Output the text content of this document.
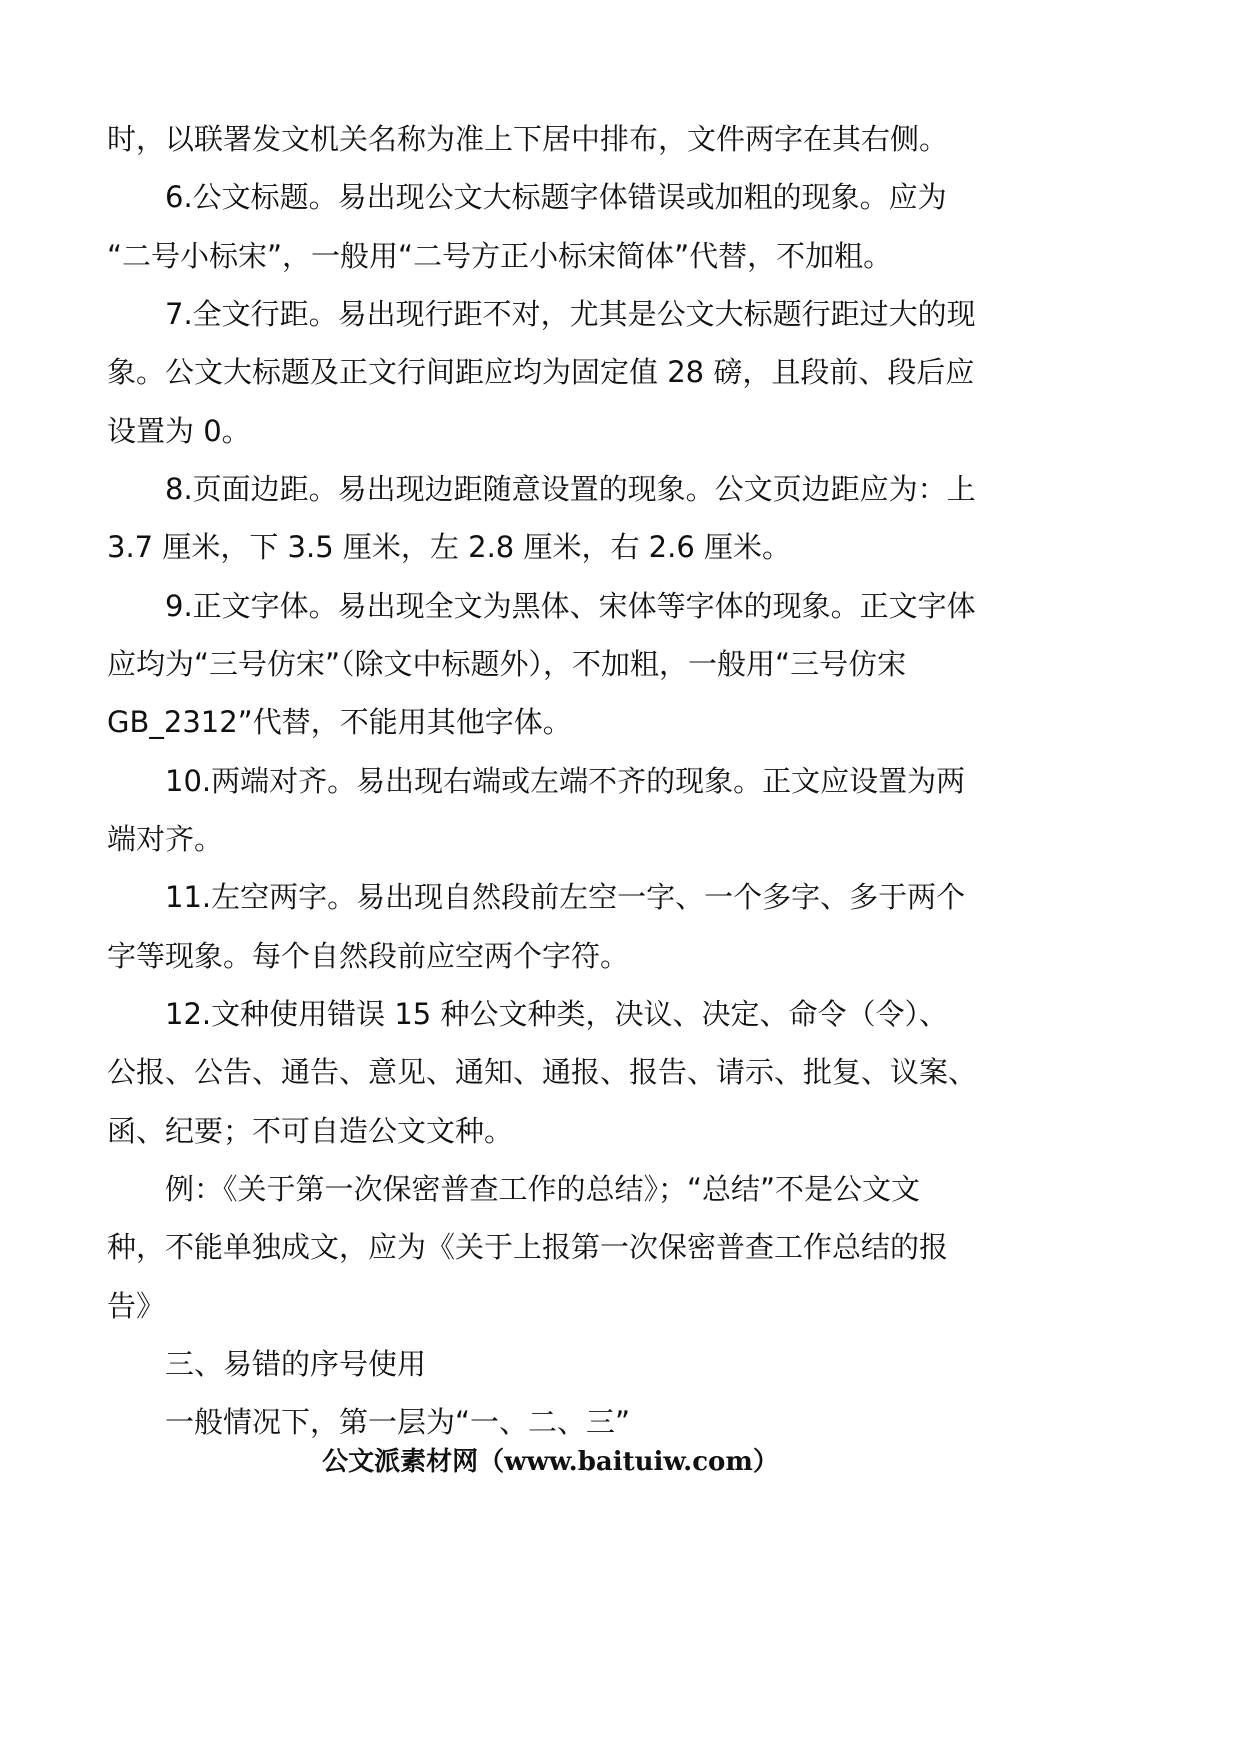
时，以联署发文机关名称为准上下居中排布，文件两字在其右侧。
6.公文标题。易出现公文大标题字体错误或加粗的现象。应为
“二号小标宋”，一般用“二号方正小标宋简体”代替，不加粗。
7.全文行距。易出现行距不对，尤其是公文大标题行距过大的现
象。公文大标题及正文行间距应均为固定值 28 磅，且段前、段后应
设置为 0。
8.页面边距。易出现边距随意设置的现象。公文页边距应为：上
3.7 厘米，下 3.5 厘米，左 2.8 厘米，右 2.6 厘米。
9.正文字体。易出现全文为黑体、宋体等字体的现象。正文字体
应均为“三号仿宋”（除文中标题外），不加粗，一般用“三号仿宋
GB_2312”代替，不能用其他字体。
10.两端对齐。易出现右端或左端不齐的现象。正文应设置为两
端对齐。
11.左空两字。易出现自然段前左空一字、一个多字、多于两个
字等现象。每个自然段前应空两个字符。
12.文种使用错误 15 种公文种类，决议、决定、命令（令）、
公报、公告、通告、意见、通知、通报、报告、请示、批复、议案、
函、纪要；不可自造公文文种。
例：《关于第一次保密普查工作的总结》；“总结”不是公文文
种，不能单独成文，应为《关于上报第一次保密普查工作总结的报
告》
三、易错的序号使用
一般情况下，第一层为“一、二、三”
公文派素材网（www.baituiw.com）
